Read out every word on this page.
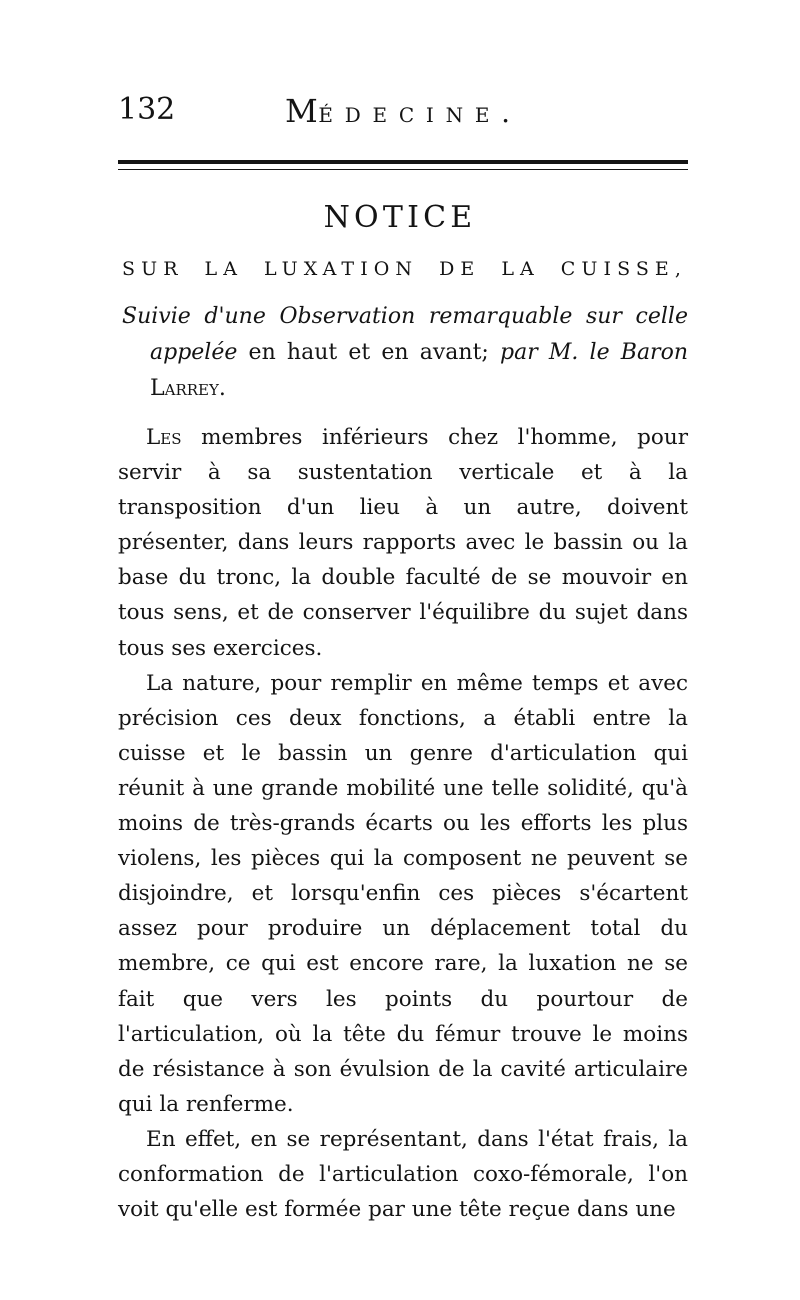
132	Médecine.
NOTICE
SUR LA LUXATION DE LA CUISSE,
Suivie d'une Observation remarquable sur celle
appelée en haut et en avant; par M. le Baron
Larrey.

Les membres inférieurs chez l'homme, pour servir à sa sustentation verticale et à la transposition d'un lieu à un autre, doivent présenter, dans leurs rapports avec le bassin ou la base du tronc, la double faculté de se mouvoir en tous sens, et de conserver l'équilibre du sujet dans tous ses exercices.

La nature, pour remplir en même temps et avec précision ces deux fonctions, a établi entre la cuisse et le bassin un genre d'articulation qui réunit à une grande mobilité une telle solidité, qu'à moins de très-grands écarts ou les efforts les plus violens, les pièces qui la composent ne peuvent se disjoindre, et lorsqu'enfin ces pièces s'écartent assez pour produire un déplacement total du membre, ce qui est encore rare, la luxation ne se fait que vers les points du pourtour de l'articulation, où la tête du fémur trouve le moins de résistance à son évulsion de la cavité articulaire qui la renferme.

En effet, en se représentant, dans l'état frais, la conformation de l'articulation coxo-fémorale, l'on voit qu'elle est formée par une tête reçue dans une
